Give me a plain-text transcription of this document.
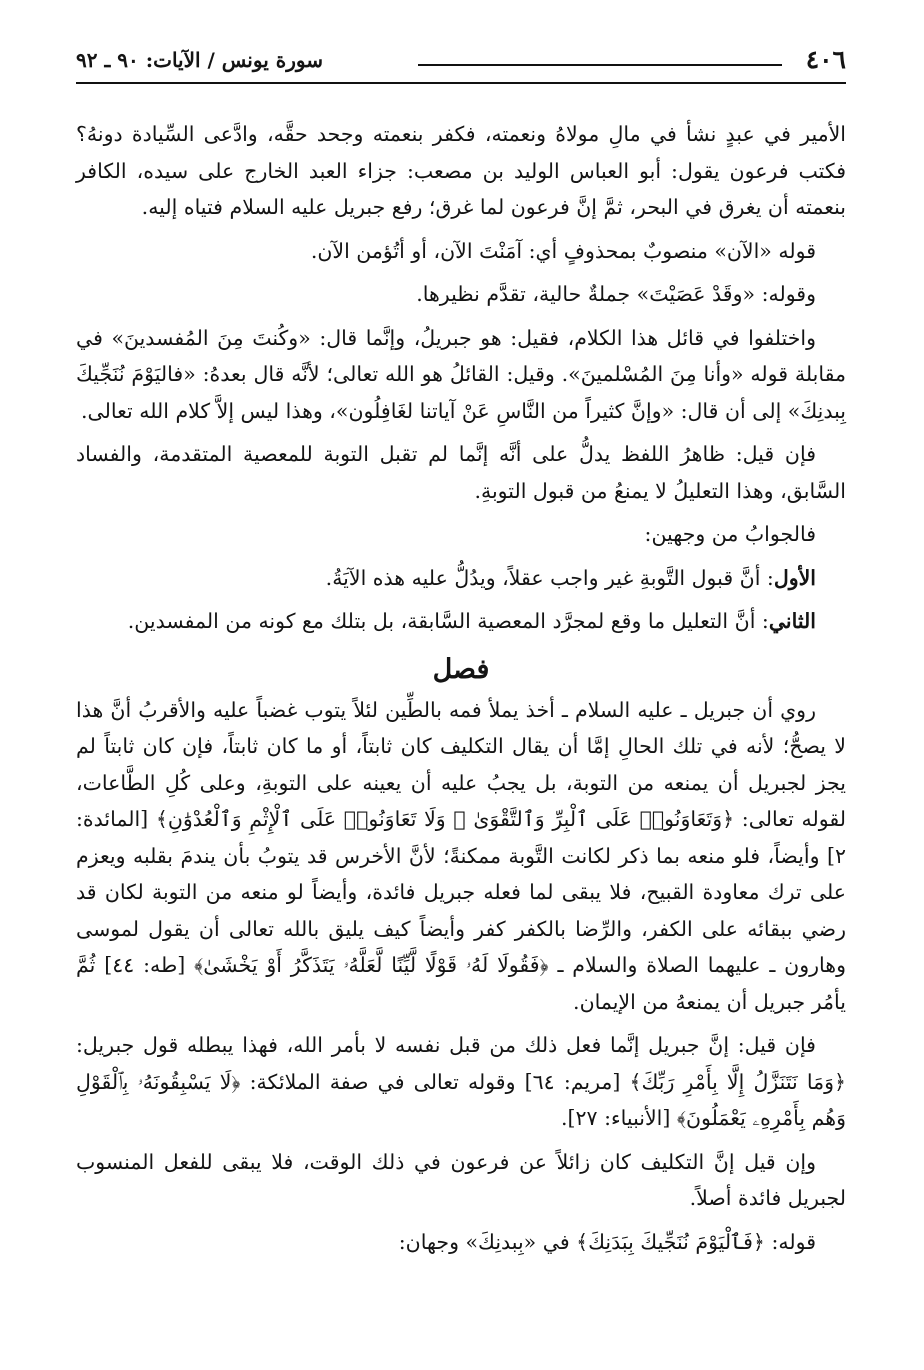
٤٠٦
سورة يونس / الآيات: ٩٠ ـ ٩٢

الأمير في عبدٍ نشأ في مالِ مولاهُ ونعمته، فكفر بنعمته وجحد حقَّه، وادَّعى السِّيادة دونهُ؟ فكتب فرعون يقول: أبو العباس الوليد بن مصعب: جزاء العبد الخارج على سيده، الكافر بنعمته أن يغرق في البحر، ثمَّ إنَّ فرعون لما غرق؛ رفع جبريل عليه السلام فتياه إليه.

قوله «الآن» منصوبٌ بمحذوفٍ أي: آمَنْتَ الآن، أو أتُؤمن الآن.

وقوله: «وقَدْ عَصَيْتَ» جملةٌ حالية، تقدَّم نظيرها.

واختلفوا في قائل هذا الكلام، فقيل: هو جبريلُ، وإنَّما قال: «وكُنتَ مِنَ المُفسدينَ» في مقابلة قوله «وأنا مِنَ المُسْلمينَ». وقيل: القائلُ هو الله تعالى؛ لأنَّه قال بعدهُ: «فاليَوْمَ نُنَجِّيكَ بِبدنِكَ» إلى أن قال: «وإنَّ كثيراً من النَّاسِ عَنْ آياتنا لغَافِلُون»، وهذا ليس إلاَّ كلام الله تعالى.

فإن قيل: ظاهرُ اللفظ يدلُّ على أنَّه إنَّما لم تقبل التوبة للمعصية المتقدمة، والفساد السَّابق، وهذا التعليلُ لا يمنعُ من قبول التوبةِ.

فالجوابُ من وجهين:

الأول: أنَّ قبول التَّوبةِ غير واجب عقلاً، ويدُلُّ عليه هذه الآيَةُ.

الثاني: أنَّ التعليل ما وقع لمجرَّد المعصية السَّابقة، بل بتلك مع كونه من المفسدين.

فصل

روي أن جبريل ـ عليه السلام ـ أخذ يملأ فمه بالطِّين لئلاً يتوب غضباً عليه والأقربُ أنَّ هذا لا يصحُّ؛ لأنه في تلك الحالِ إمَّا أن يقال التكليف كان ثابتاً، أو ما كان ثابتاً، فإن كان ثابتاً لم يجز لجبريل أن يمنعه من التوبة، بل يجبُ عليه أن يعينه على التوبةِ، وعلى كُلِ الطَّاعات، لقوله تعالى: ﴿وَتَعَاوَنُوا۟ عَلَى ٱلْبِرِّ وَٱلتَّقْوَىٰ ۖ وَلَا تَعَاوَنُوا۟ عَلَى ٱلْإِثْمِ وَٱلْعُدْوَٰنِ﴾ [المائدة: ٢] وأيضاً، فلو منعه بما ذكر لكانت التَّوبة ممكنةً؛ لأنَّ الأخرس قد يتوبُ بأن يندمَ بقلبه ويعزم على ترك معاودة القبيح، فلا يبقى لما فعله جبريل فائدة، وأيضاً لو منعه من التوبة لكان قد رضي ببقائه على الكفر، والرِّضا بالكفر كفر وأيضاً كيف يليق بالله تعالى أن يقول لموسى وهارون ـ عليهما الصلاة والسلام ـ ﴿فَقُولَا لَهُۥ قَوْلًا لَّيِّنًا لَّعَلَّهُۥ يَتَذَكَّرُ أَوْ يَخْشَىٰ﴾ [طه: ٤٤] ثُمَّ يأمُر جبريل أن يمنعهُ من الإيمان.

فإن قيل: إنَّ جبريل إنَّما فعل ذلك من قبل نفسه لا بأمر الله، فهذا يبطله قول جبريل: ﴿وَمَا نَتَنَزَّلُ إِلَّا بِأَمْرِ رَبِّكَ﴾ [مريم: ٦٤] وقوله تعالى في صفة الملائكة: ﴿لَا يَسْبِقُونَهُۥ بِٱلْقَوْلِ وَهُم بِأَمْرِهِۦ يَعْمَلُونَ﴾ [الأنبياء: ٢٧].

وإن قيل إنَّ التكليف كان زائلاً عن فرعون في ذلك الوقت، فلا يبقى للفعل المنسوب لجبريل فائدة أصلاً.

قوله: ﴿فَٱلْيَوْمَ نُنَجِّيكَ بِبَدَنِكَ﴾ في «بِبدنِكَ» وجهان:
